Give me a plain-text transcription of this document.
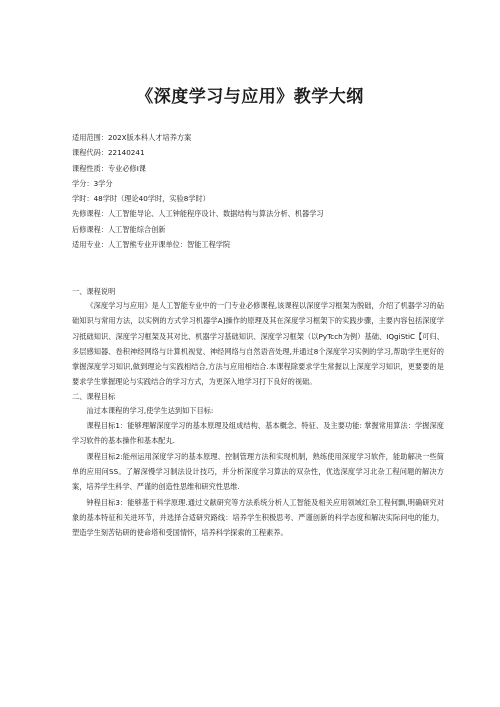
《深度学习与应用》教学大纲
适用范围：202X版本科人才培养方案
课程代码：22140241
课程性质：专业必修I课
学分：3学分
学时：48学时（理论40学时，实验8学时）
先修课程：人工智能导论、人工钟能程序设计、数据结构与算法分析、机器学习
后修课程：人工智能综合创新
适用专业：人工智熊专业开课单位：智能工程学院
一、课程说明

《深度学习与应用》是人工智能专业中的一门专业必修课程,该课程以深度学习框架为脱础，介绍了机器学习的砧础知识与常用方法，以实例的方式学习机器学A]操作的原理及其在深度学习框架下的实践步骤，主要内容包括深度学习抵础知识、深度学习框架及其对比、机器学习基础知识、深度学习框架（以PyTcch为例）基础、IQgiStiC【可归、多层感知器、卷积神经网络与计算机视觉、神经网络与自然语音处理,并通过8个深度学习实例的学习,帮助学生更好的掌握深度学习知识,做到理论与实践相结合,方法与应用相结合.本课程除要求学生常握以上深度学习知识，更要要的是要求学生掌握理论与实践结合的学习方式，为更深入地学习打下良好的视础。

二、课程目标

汕过本课程的学习,使学生达到如下目标:

课程目标1：能够理解深度学习的基本原理及组成结构、基本概念、特征、及主要功能: 掌握常用算法：学握深度学习软件的基本操作和基本配丸.

课程目标2:能州运用深度学习的基本原理、控制管理方法和实现机制，熟练使用深度学习软件，能助解决一些简单的应用问SS。了解深慢学习制法设计技巧，并分析深度学习算法的双杂性，优选深度学习北杂工程问题的解决方案，培养学生科学、严谨的创造性思维和研究性思维.

钟程目标3：能够基于科学原理.通过文献研究等方法系统分析人工智能及相关应用领域红杂工程何飘,明确研究对象的基本特征和关进环节，并选择合适研究路线：培养学生积极思考、严谨创新的科学态度和解决实际问电的能力，塑造学生刻苦钻研的使命塔和受国情怀，培养科学探索的工程素养。
